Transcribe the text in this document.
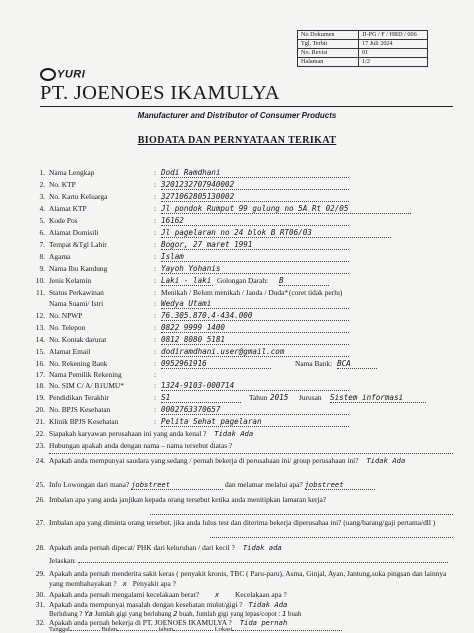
No Dokumen	JI-PG / F / HRD / 006
Tgl. Terbit	17 Juli 2024
No. Revisi	01
Halaman	1/2
YURI
PT. JOENOES IKAMULYA
Manufacturer and Distributor of Consumer Products
BIODATA DAN PERNYATAAN TERIKAT
1. Nama Lengkap	: Dodi Ramdhani
2. No. KTP	: 3201232707940002
3. No. Kartu Keluarga	: 3271062805130002
4. Alamat KTP	: Jl pondok Rumput 99 gulung no 5A Rt 02/05
5. Kode Pos	: 16162
6. Alamat Domisili	: Jl pagelaran no 24 blok B RT06/03
7. Tempat &Tgl Lahir	: Bogor, 27 maret 1991
8. Agama	: Islam
9. Nama Ibu Kandung	: Yayoh Yohanis
10. Jenis Kelamin	: Laki - laki Golongan Darah: B
11. Status Perkawinan	: Menikah / Belum menikah / Janda / Duda* (coret tidak perlu)
Nama Suami/ Istri	: Wedya Utami
12. No. NPWP	: 76.305.870.4-434.000
13. No. Telepon	: 0822 9999 1400
14. No. Kontak darurat	: 0812 8080 5181
15. Alamat Email	: dodiramdhani.user@gmail.com
16. No. Rekening Bank	: 0952961916	Nama Bank: BCA
17. Nama Pemilik Rekening	:
18. No. SIM C/ A/ B1UMU*	: 1324-9103-000714
19. Pendidikan Terakhir	: S1	Tahun 2015 Jurusan Sistem informasi
20. No. BPJS Kesehatan	: 0002763370657
21. Klinik BPJS Kesehatan	: Pelita Sehat pagelaran
22. Siapakah karyawan perusahaan ini yang anda kenal ? Tidak Ada
23. Hubungan apakah anda dengan nama – nama tersebut diatas ?
24. Apakah anda mempunyai saudara yang sedang / pernah bekerja di perusahaan ini/ group perusahaan ini? Tidak Ada
25. Info Lowongan dari mana? jobstreet	dan melamar melalui apa? jobstreet
26. Imbalan apa yang anda janjikan kepada orang tersebut ketika anda menitipkan lamaran kerja?
27. Imbalan apa yang diminta orang tersebut, jika anda lulus test dan diterima bekerja diperusahaa ini? (uang/barang/gaji pertama/dll )
28. Apakah anda pernah dipecat/ PHK dari keluruhan / dari kecil ? Tidak ada
Jelaskan:
29. Apakah anda pernah menderita sakit keras ( penyakit kronis, TBC ( Paru-paru), Asma, Ginjal, Ayan, Jantung,suka pingsan dan lainnya yang membahayakan ? x Penyakit apa ?
30. Apakah anda pernah mengalami kecelakaan berat? x Kecelakaan apa ?
31. Apakah anda mempunyai masalah dengan kesehatan mulut/gigi ? Tidak Ada
Berlubang ? Ya Jumlah gigi yang berlubang 2 buah, Jumlah gigi yang lepas/copot : 1 buah
32. Apakah anda pernah bekerja di PT. JOENOES IKAMULYA ? Tida pernah
Tanggal	Bulan	tahun	Lokasi
